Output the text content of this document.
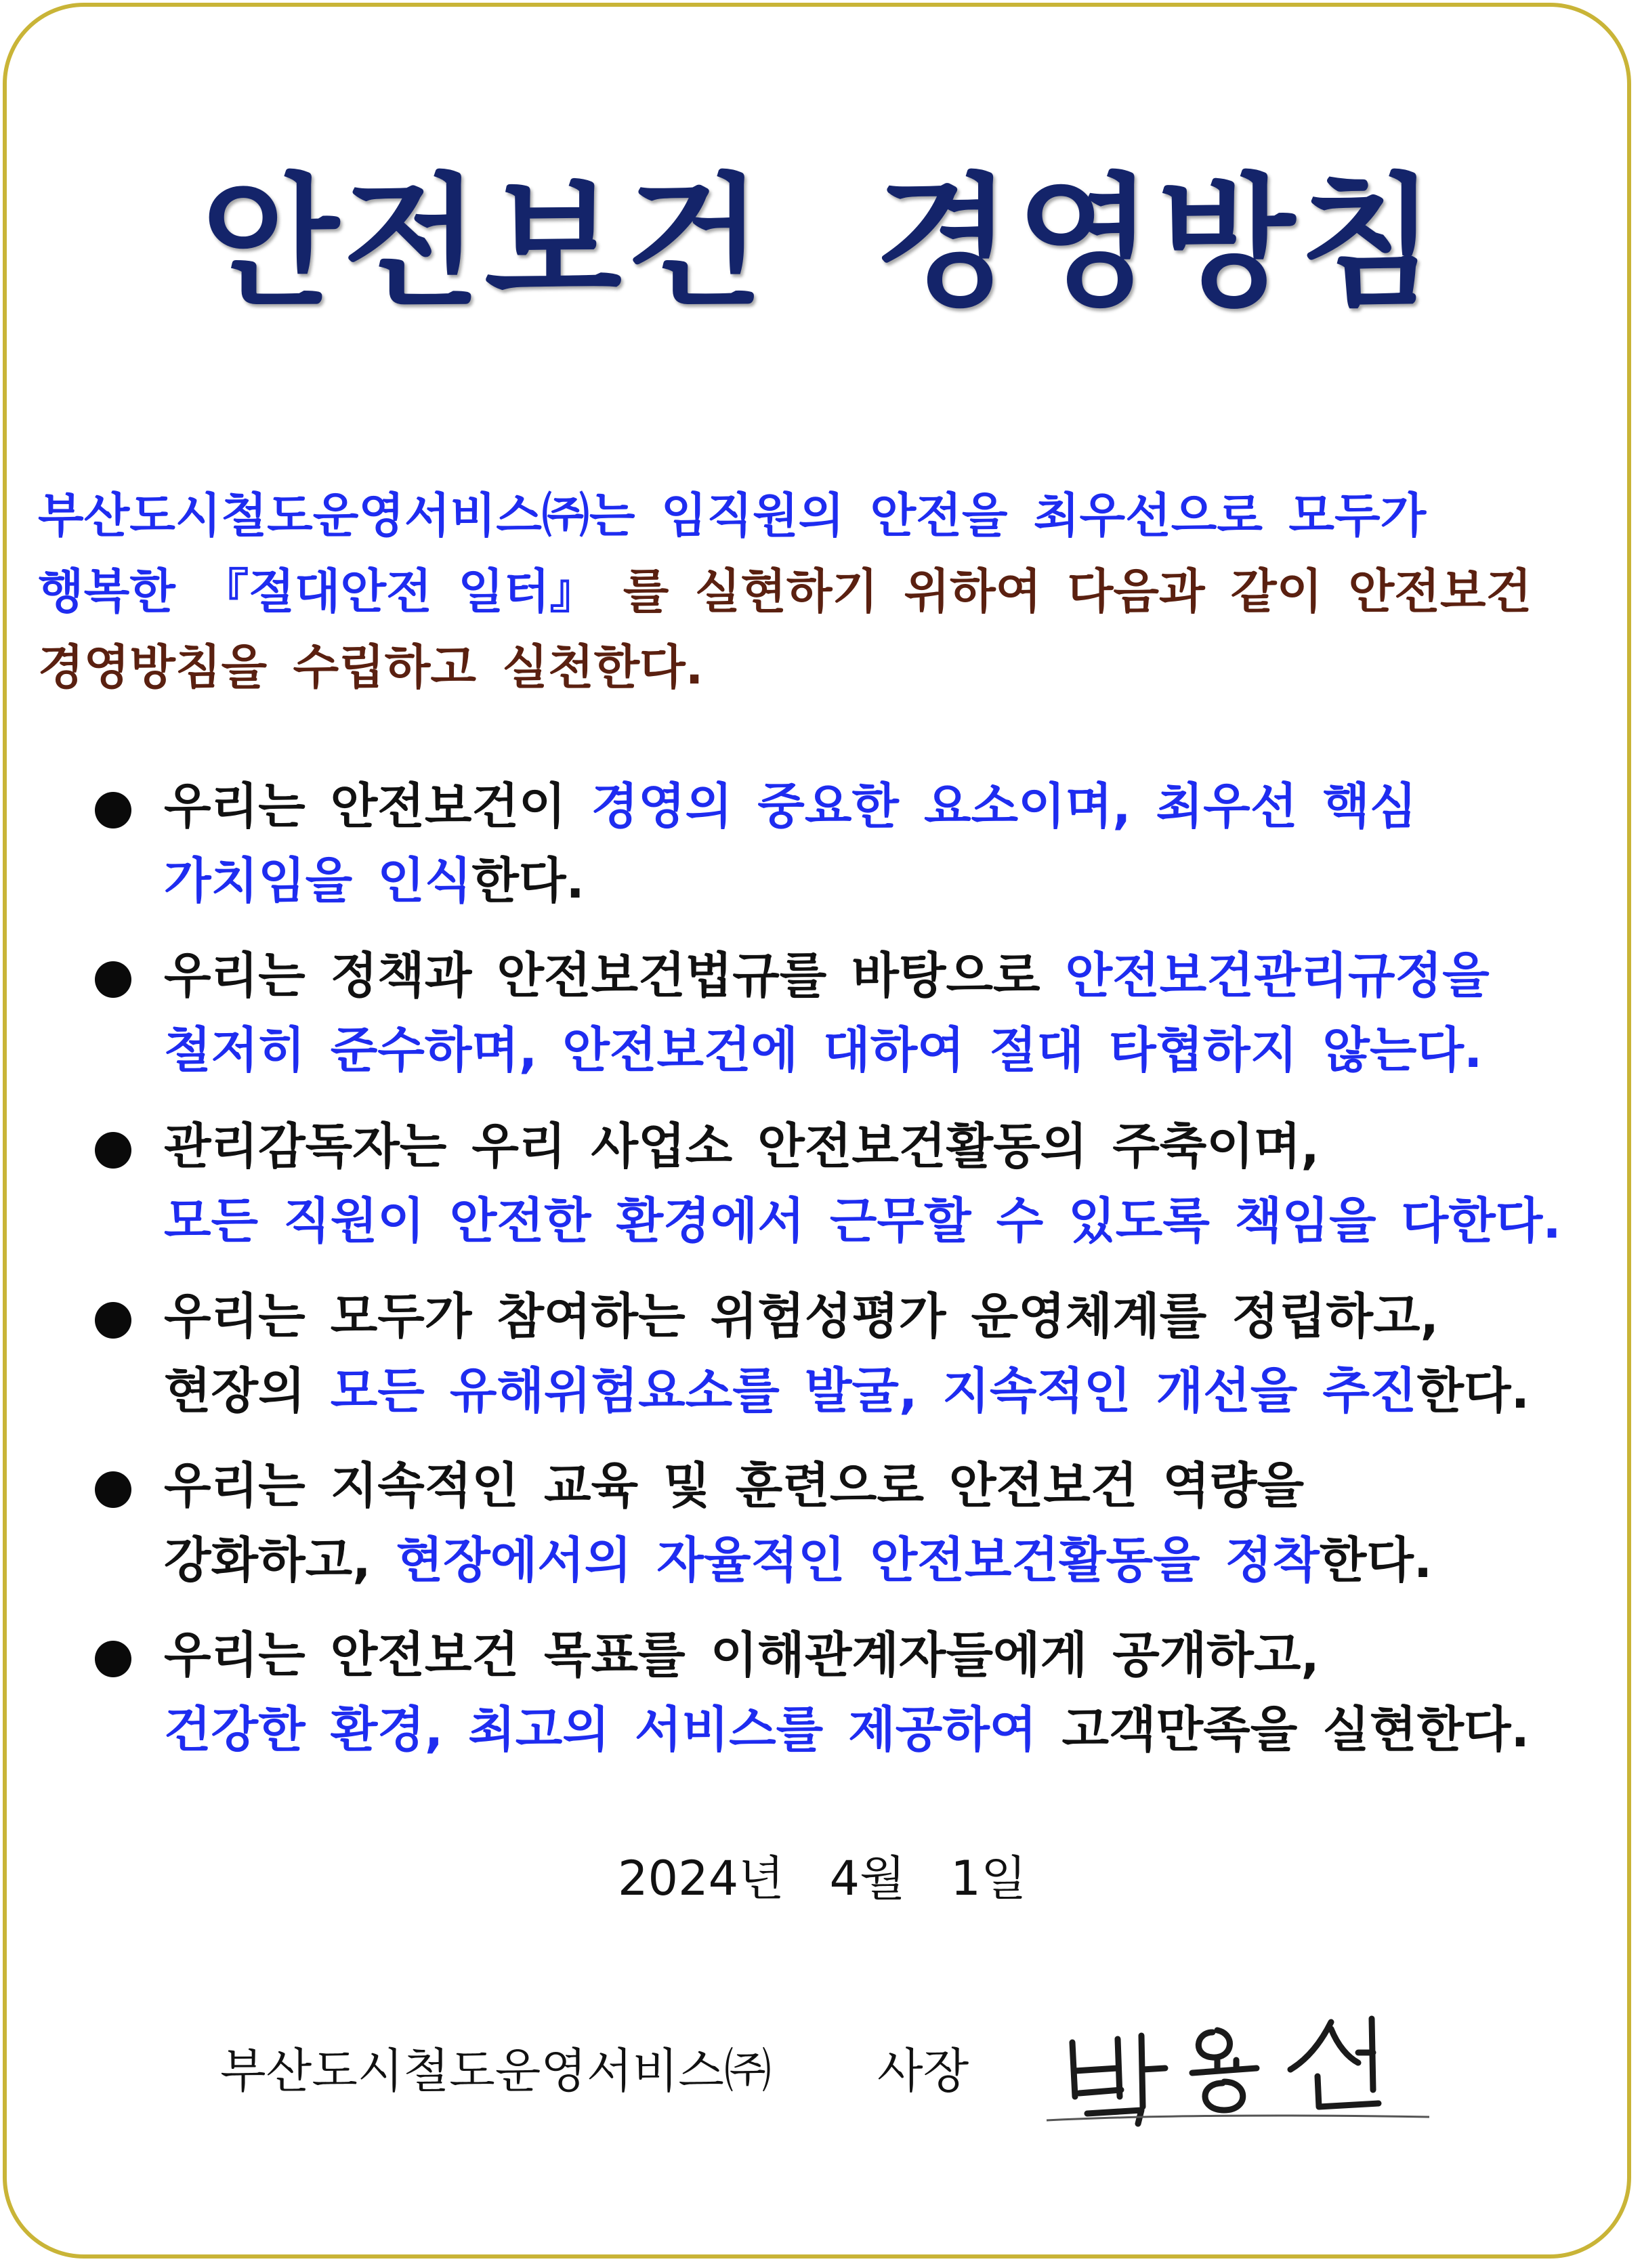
안전보건  경영방침
부산도시철도운영서비스㈜는 임직원의 안전을 최우선으로 모두가
행복한 『절대안전 일터』 를 실현하기 위하여 다음과 같이 안전보건
경영방침을 수립하고 실천한다.
우리는 안전보건이 경영의 중요한 요소이며, 최우선 핵심
가치임을 인식한다.
우리는 정책과 안전보건법규를 바탕으로 안전보건관리규정을
철저히 준수하며, 안전보건에 대하여 절대 타협하지 않는다.
관리감독자는 우리 사업소 안전보건활동의 주축이며,
모든 직원이 안전한 환경에서 근무할 수 있도록 책임을 다한다.
우리는 모두가 참여하는 위험성평가 운영체계를 정립하고,
현장의 모든 유해위험요소를 발굴, 지속적인 개선을 추진한다.
우리는 지속적인 교육 및 훈련으로 안전보건 역량을
강화하고, 현장에서의 자율적인 안전보건활동을 정착한다.
우리는 안전보건 목표를 이해관계자들에게 공개하고,
건강한 환경, 최고의 서비스를 제공하여 고객만족을 실현한다.
2024년   4월   1일
부산도시철도운영서비스㈜ 사장
